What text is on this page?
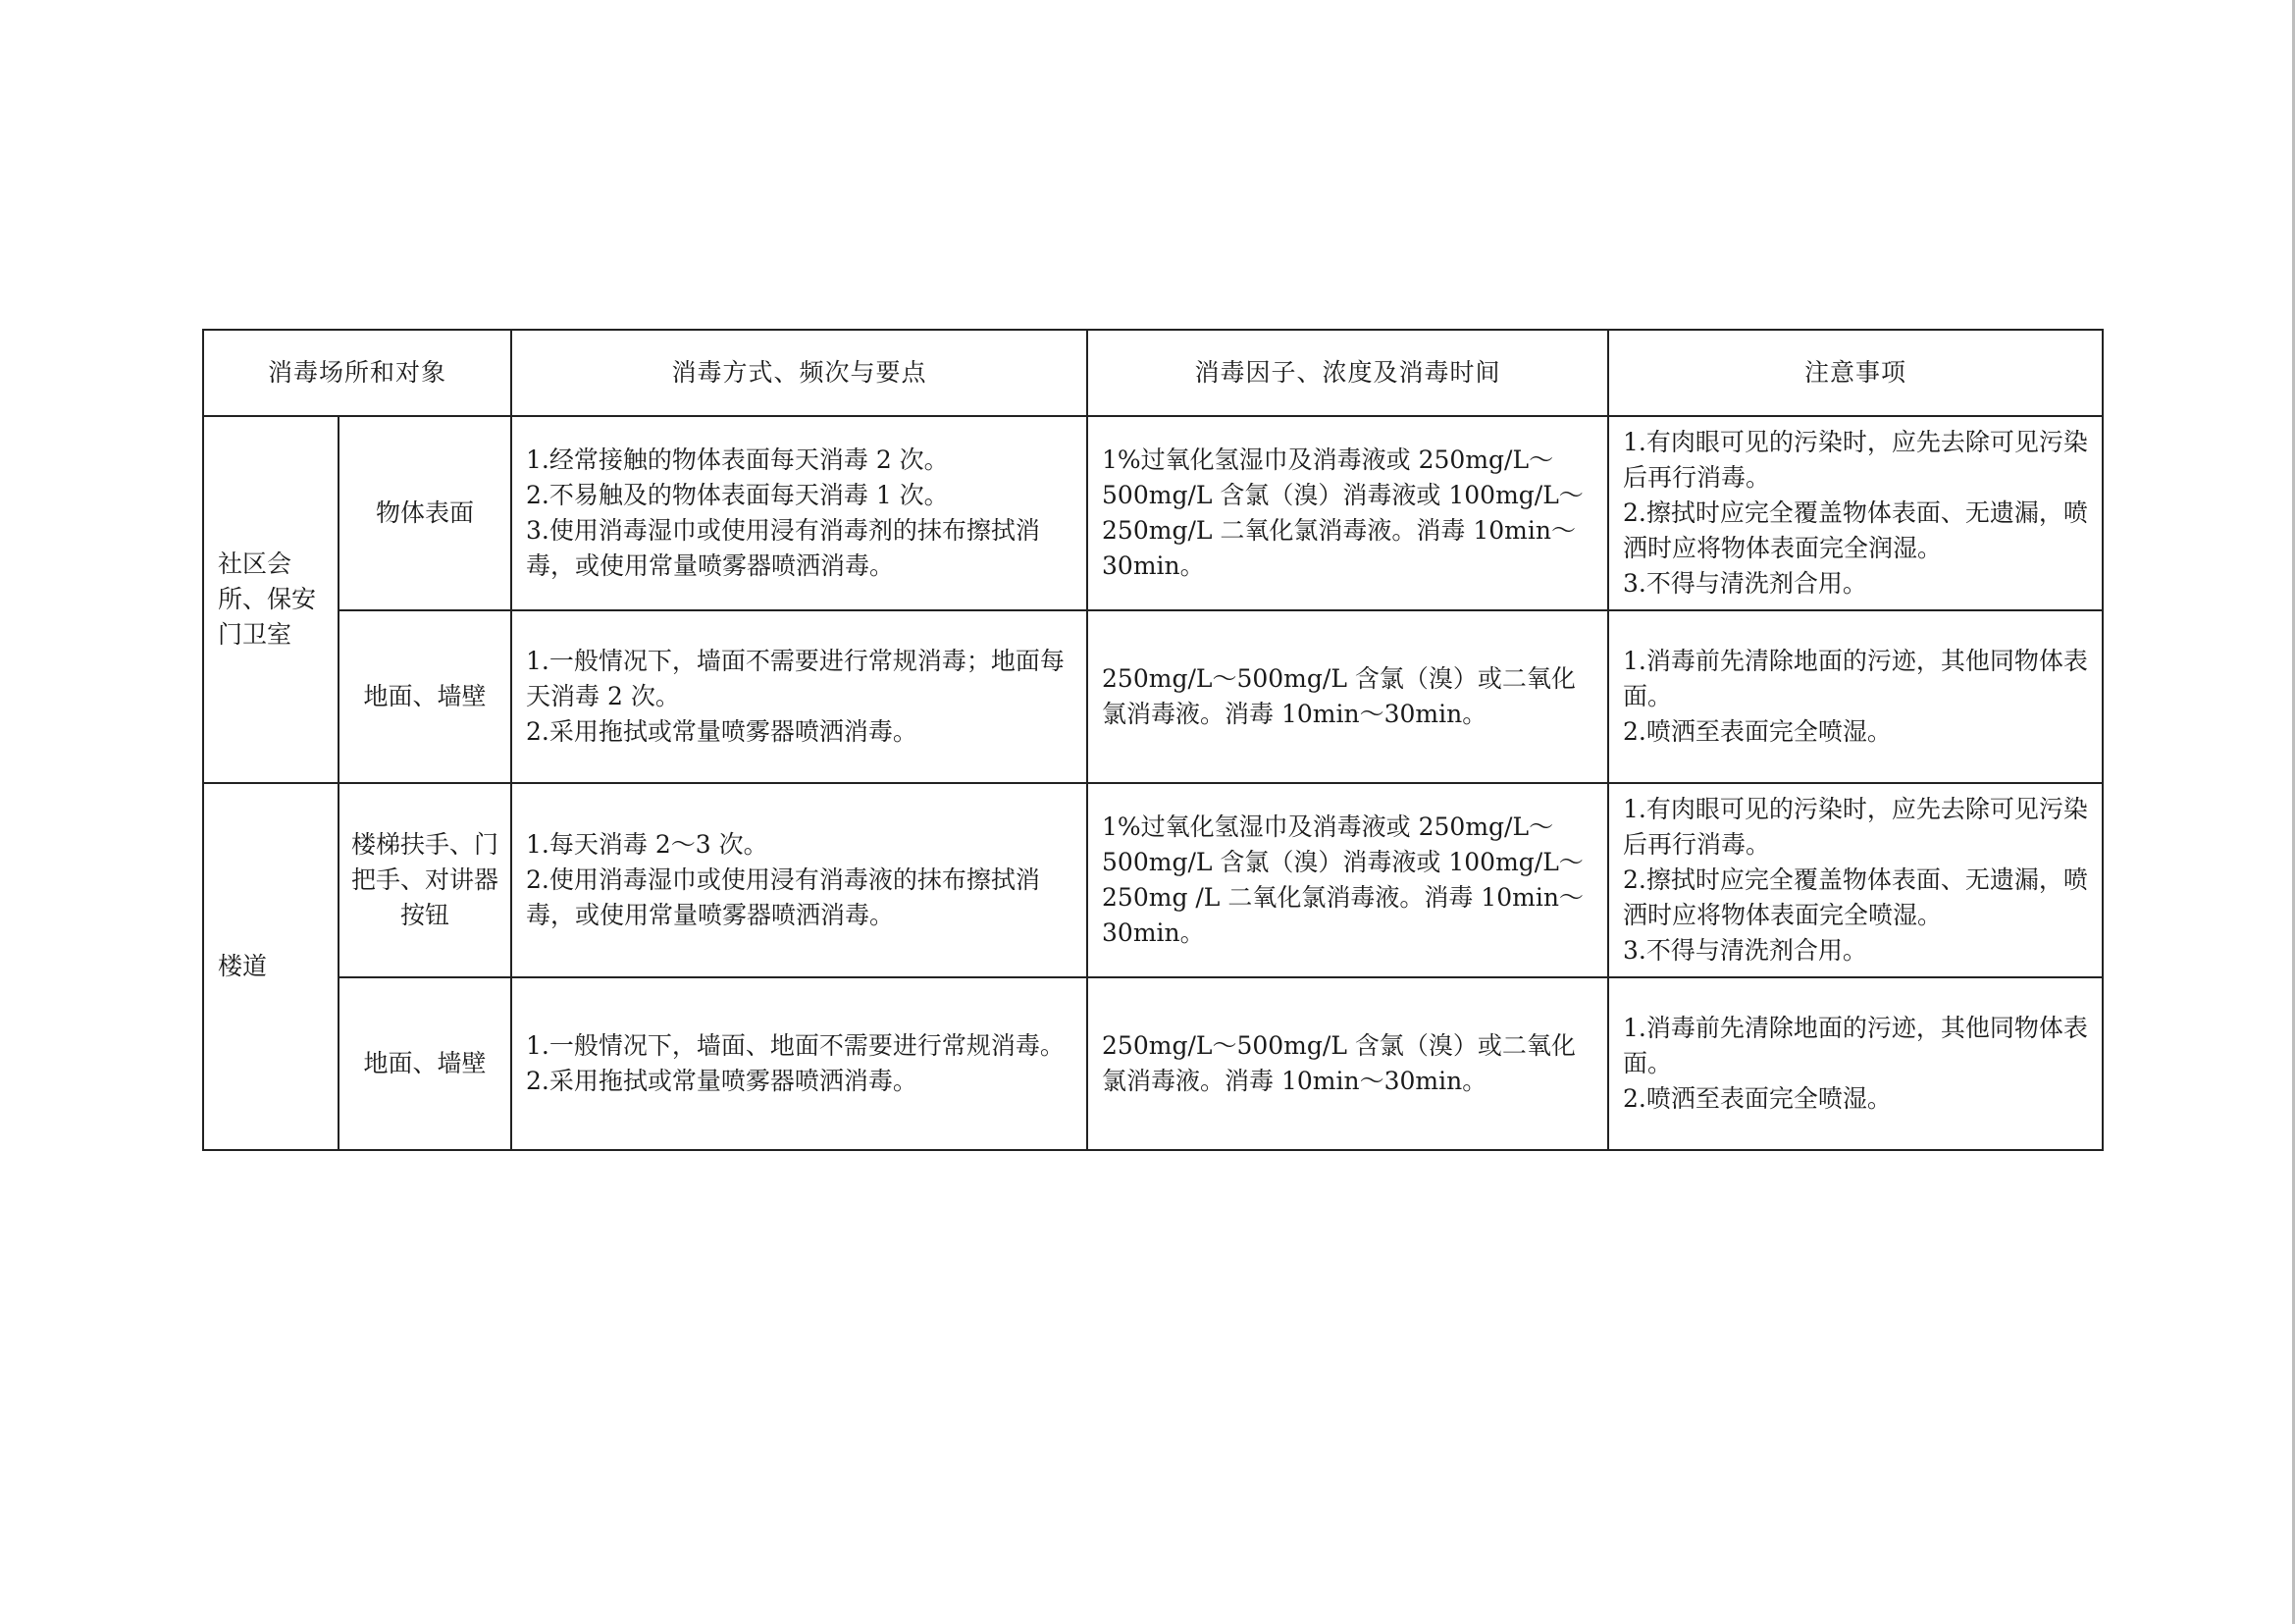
消毒场所和对象		消毒方式、频次与要点	消毒因子、浓度及消毒时间	注意事项
社区会所、保安门卫室	物体表面	1.经常接触的物体表面每天消毒 2 次。
2.不易触及的物体表面每天消毒 1 次。
3.使用消毒湿巾或使用浸有消毒剂的抹布擦拭消毒，或使用常量喷雾器喷洒消毒。	1%过氧化氢湿巾及消毒液或 250mg/L～500mg/L 含氯（溴）消毒液或 100mg/L～250mg/L 二氧化氯消毒液。消毒 10min～30min。	1.有肉眼可见的污染时，应先去除可见污染后再行消毒。
2.擦拭时应完全覆盖物体表面、无遗漏，喷洒时应将物体表面完全润湿。
3.不得与清洗剂合用。

	地面、墙壁	1.一般情况下，墙面不需要进行常规消毒；地面每天消毒 2 次。
2.采用拖拭或常量喷雾器喷洒消毒。	250mg/L～500mg/L 含氯（溴）或二氧化氯消毒液。消毒 10min～30min。	1.消毒前先清除地面的污迹，其他同物体表面。
2.喷洒至表面完全喷湿。

楼道	楼梯扶手、门把手、对讲器按钮	1.每天消毒 2～3 次。
2.使用消毒湿巾或使用浸有消毒液的抹布擦拭消毒，或使用常量喷雾器喷洒消毒。	1%过氧化氢湿巾及消毒液或 250mg/L～500mg/L 含氯（溴）消毒液或 100mg/L～250mg /L 二氧化氯消毒液。消毒 10min～30min。	1.有肉眼可见的污染时，应先去除可见污染后再行消毒。
2.擦拭时应完全覆盖物体表面、无遗漏，喷洒时应将物体表面完全喷湿。
3.不得与清洗剂合用。

	地面、墙壁	1.一般情况下，墙面、地面不需要进行常规消毒。
2.采用拖拭或常量喷雾器喷洒消毒。	250mg/L～500mg/L 含氯（溴）或二氧化氯消毒液。消毒 10min～30min。	1.消毒前先清除地面的污迹，其他同物体表面。
2.喷洒至表面完全喷湿。
